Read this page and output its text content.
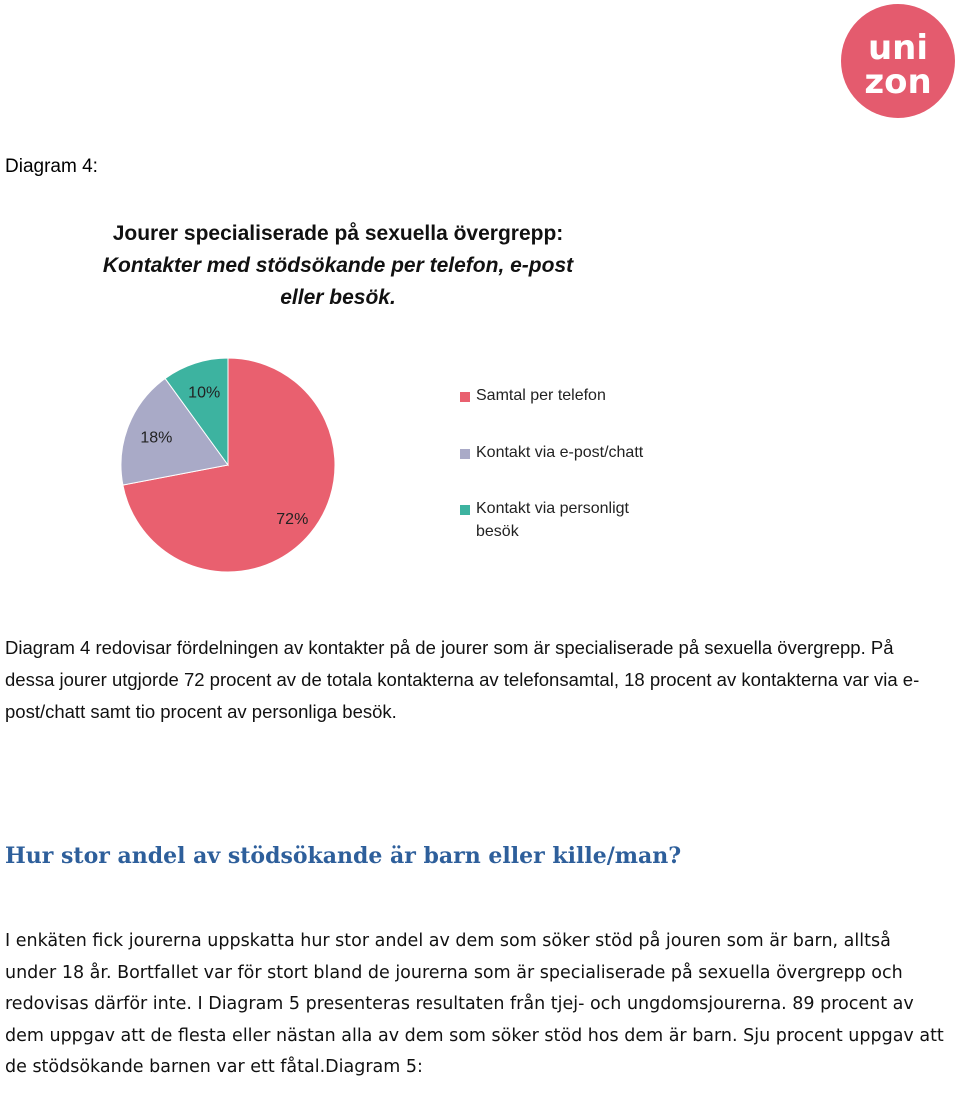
uni
zon
Diagram 4:
Jourer specialiserade på sexuella övergrepp:
Kontakter med stödsökande per telefon, e-post
eller besök.
72%
18%
10%	Samtal per telefon
Kontakt via e-post/chatt
Kontakt via personligt besök
Diagram 4 redovisar fördelningen av kontakter på de jourer som är specialiserade på sexuella övergrepp. På dessa jourer utgjorde 72 procent av de totala kontakterna av telefonsamtal, 18 procent av kontakterna var via e-post/chatt samt tio procent av personliga besök.
Hur stor andel av stödsökande är barn eller kille/man?
I enkäten fick jourerna uppskatta hur stor andel av dem som söker stöd på jouren som är barn, alltså under 18 år. Bortfallet var för stort bland de jourerna som är specialiserade på sexuella övergrepp och redovisas därför inte. I Diagram 5 presenteras resultaten från tjej- och ungdomsjourerna. 89 procent av dem uppgav att de flesta eller nästan alla av dem som söker stöd hos dem är barn. Sju procent uppgav att de stödsökande barnen var ett fåtal.Diagram 5:
